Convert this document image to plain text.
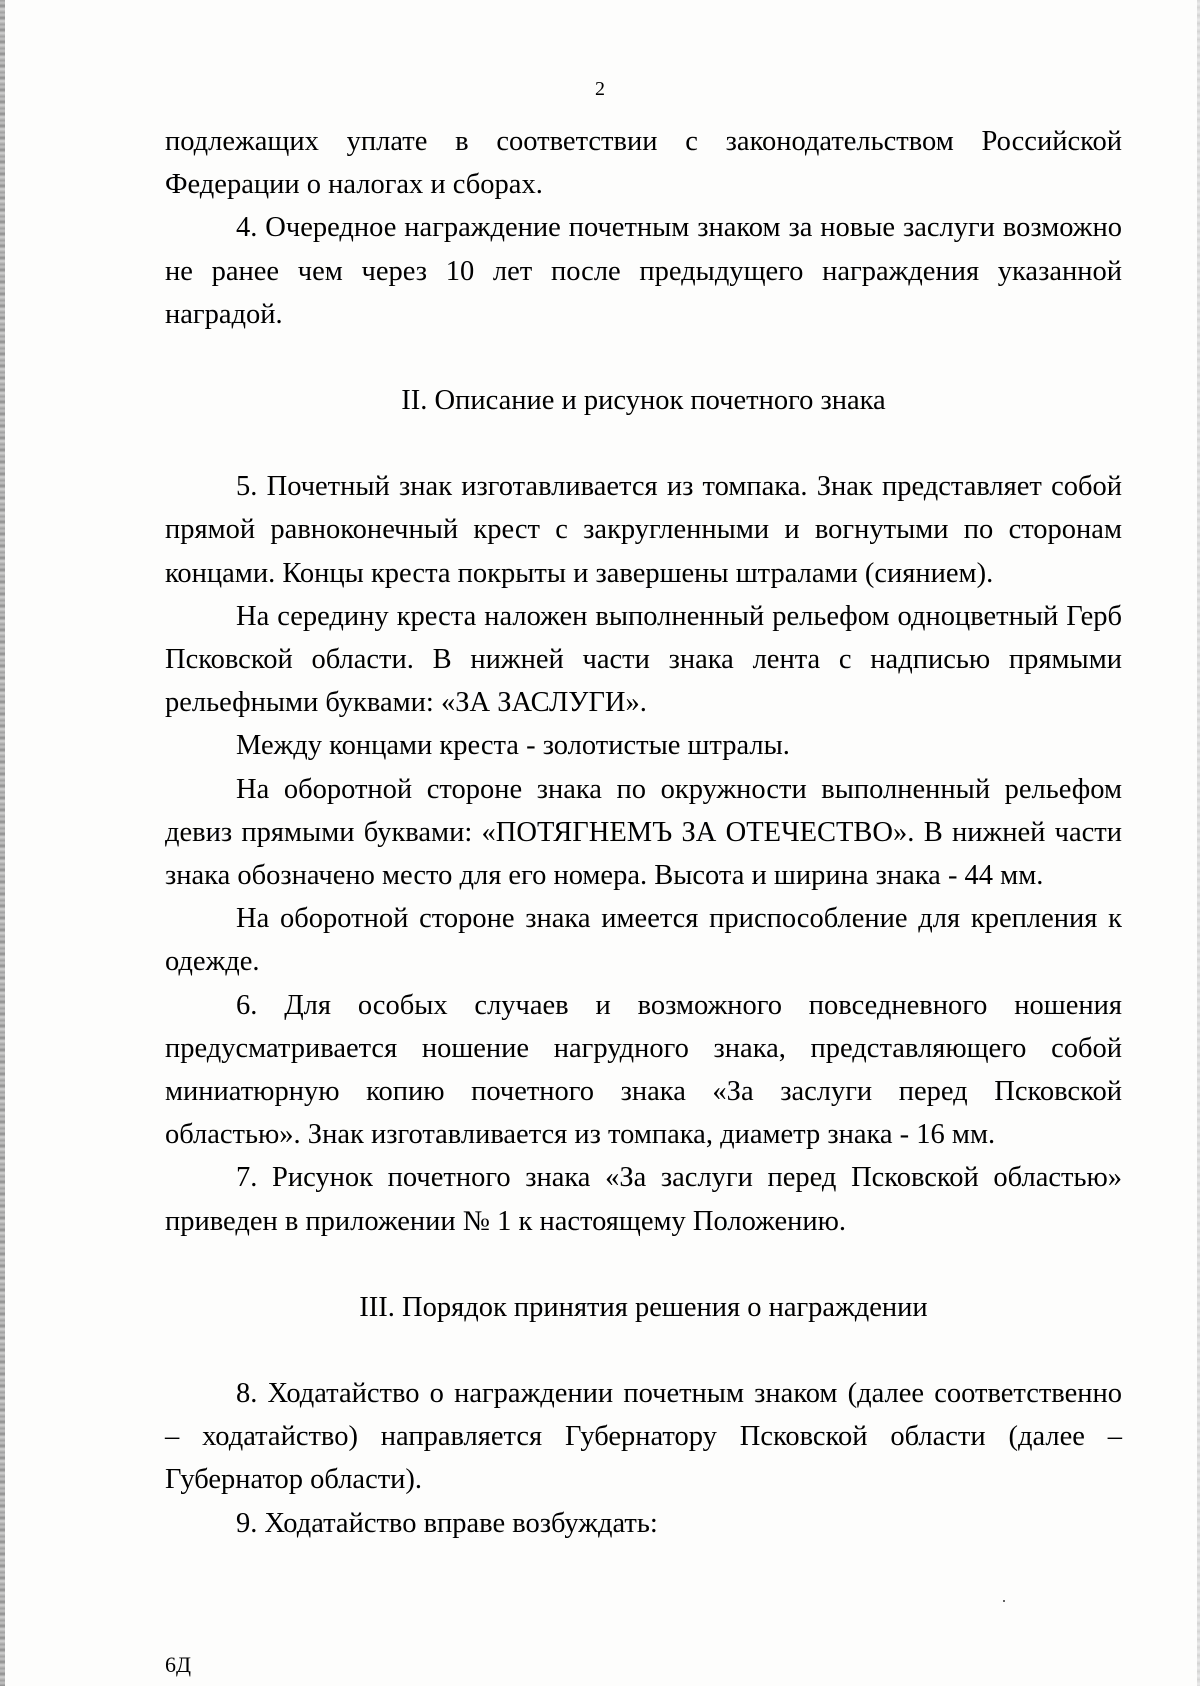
2

подлежащих уплате в соответствии с законодательством Российской Федерации о налогах и сборах.

4. Очередное награждение почетным знаком за новые заслуги возможно не ранее чем через 10 лет после предыдущего награждения указанной наградой.

II. Описание и рисунок почетного знака

5. Почетный знак изготавливается из томпака. Знак представляет собой прямой равноконечный крест с закругленными и вогнутыми по сторонам концами. Концы креста покрыты и завершены штралами (сиянием).

На середину креста наложен выполненный рельефом одноцветный Герб Псковской области. В нижней части знака лента с надписью прямыми рельефными буквами: «ЗА ЗАСЛУГИ».

Между концами креста - золотистые штралы.

На оборотной стороне знака по окружности выполненный рельефом девиз прямыми буквами: «ПОТЯГНЕМЪ ЗА ОТЕЧЕСТВО». В нижней части знака обозначено место для его номера. Высота и ширина знака - 44 мм.

На оборотной стороне знака имеется приспособление для крепления к одежде.

6. Для особых случаев и возможного повседневного ношения предусматривается ношение нагрудного знака, представляющего собой миниатюрную копию почетного знака «За заслуги перед Псковской областью». Знак изготавливается из томпака, диаметр знака - 16 мм.

7. Рисунок почетного знака «За заслуги перед Псковской областью» приведен в приложении № 1 к настоящему Положению.

III. Порядок принятия решения о награждении

8. Ходатайство о награждении почетным знаком (далее соответственно – ходатайство) направляется Губернатору Псковской области (далее – Губернатор области).

9. Ходатайство вправе возбуждать:

6Д
